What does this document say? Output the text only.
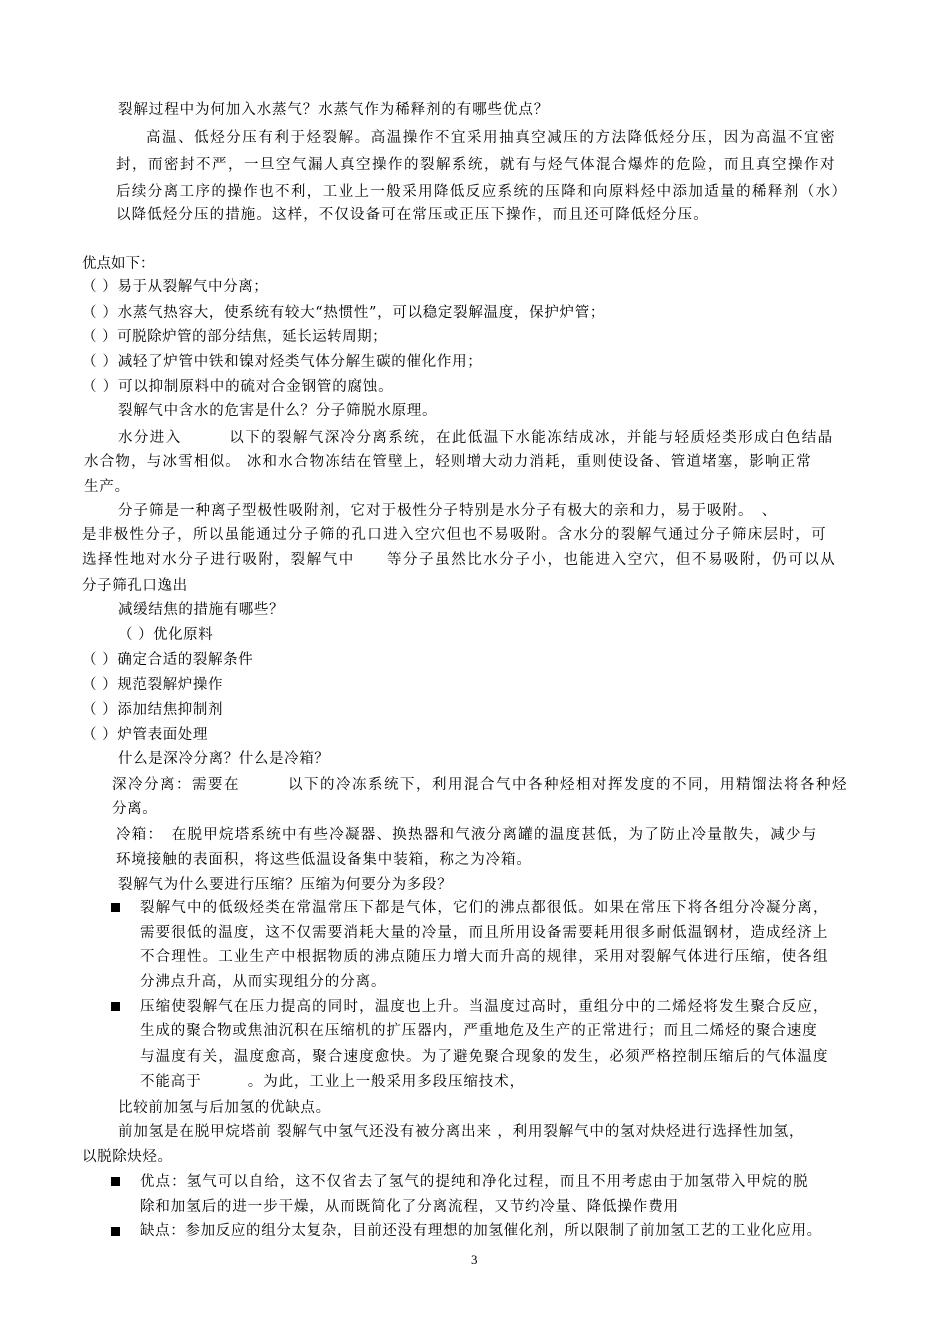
裂解过程中为何加入水蒸气？水蒸气作为稀释剂的有哪些优点？
高温、低烃分压有利于烃裂解。高温操作不宜采用抽真空减压的方法降低烃分压，因为高温不宜密
封，而密封不严，一旦空气漏人真空操作的裂解系统，就有与烃气体混合爆炸的危险，而且真空操作对
后续分离工序的操作也不利，工业上一般采用降低反应系统的压降和向原料烃中添加适量的稀释剂（水）
以降低烃分压的措施。这样，不仅设备可在常压或正压下操作，而且还可降低烃分压。
优点如下：
（ ）易于从裂解气中分离；
（ ）水蒸气热容大，使系统有较大“热惯性”，可以稳定裂解温度，保护炉管；
（ ）可脱除炉管的部分结焦，延长运转周期；
（ ）减轻了炉管中铁和镍对烃类气体分解生碳的催化作用；
（ ）可以抑制原料中的硫对合金钢管的腐蚀。
裂解气中含水的危害是什么？分子筛脱水原理。
水分进入　　　以下的裂解气深冷分离系统，在此低温下水能冻结成冰，并能与轻质烃类形成白色结晶
水合物，与冰雪相似。 冰和水合物冻结在管壁上，轻则增大动力消耗，重则使设备、管道堵塞，影响正常
生产。
分子筛是一种离子型极性吸附剂，它对于极性分子特别是水分子有极大的亲和力，易于吸附。　、
是非极性分子，所以虽能通过分子筛的孔口进入空穴但也不易吸附。含水分的裂解气通过分子筛床层时，可
选择性地对水分子进行吸附，裂解气中　　等分子虽然比水分子小，也能进入空穴，但不易吸附，仍可以从
分子筛孔口逸出
减缓结焦的措施有哪些？
（ ）优化原料
（ ）确定合适的裂解条件
（ ）规范裂解炉操作
（ ）添加结焦抑制剂
（ ）炉管表面处理
什么是深冷分离？什么是冷箱？
深冷分离：需要在　　　以下的冷冻系统下，利用混合气中各种烃相对挥发度的不同，用精馏法将各种烃
分离。
冷箱：　在脱甲烷塔系统中有些冷凝器、换热器和气液分离罐的温度甚低，为了防止冷量散失，减少与
环境接触的表面积，将这些低温设备集中装箱，称之为冷箱。
裂解气为什么要进行压缩？压缩为何要分为多段？
裂解气中的低级烃类在常温常压下都是气体，它们的沸点都很低。如果在常压下将各组分冷凝分离，
需要很低的温度，这不仅需要消耗大量的冷量，而且所用设备需要耗用很多耐低温钢材，造成经济上
不合理性。工业生产中根据物质的沸点随压力增大而升高的规律，采用对裂解气体进行压缩，使各组
分沸点升高，从而实现组分的分离。
压缩使裂解气在压力提高的同时，温度也上升。当温度过高时，重组分中的二烯烃将发生聚合反应，
生成的聚合物或焦油沉积在压缩机的扩压器内，严重地危及生产的正常进行；而且二烯烃的聚合速度
与温度有关，温度愈高，聚合速度愈快。为了避免聚合现象的发生，必须严格控制压缩后的气体温度
不能高于　　　。为此，工业上一般采用多段压缩技术，
比较前加氢与后加氢的优缺点。
前加氢是在脱甲烷塔前 裂解气中氢气还没有被分离出来 ，利用裂解气中的氢对炔烃进行选择性加氢，
以脱除炔烃。
优点：氢气可以自给，这不仅省去了氢气的提纯和净化过程，而且不用考虑由于加氢带入甲烷的脱
除和加氢后的进一步干燥，从而既简化了分离流程，又节约冷量、降低操作费用
缺点：参加反应的组分太复杂，目前还没有理想的加氢催化剂，所以限制了前加氢工艺的工业化应用。
3
